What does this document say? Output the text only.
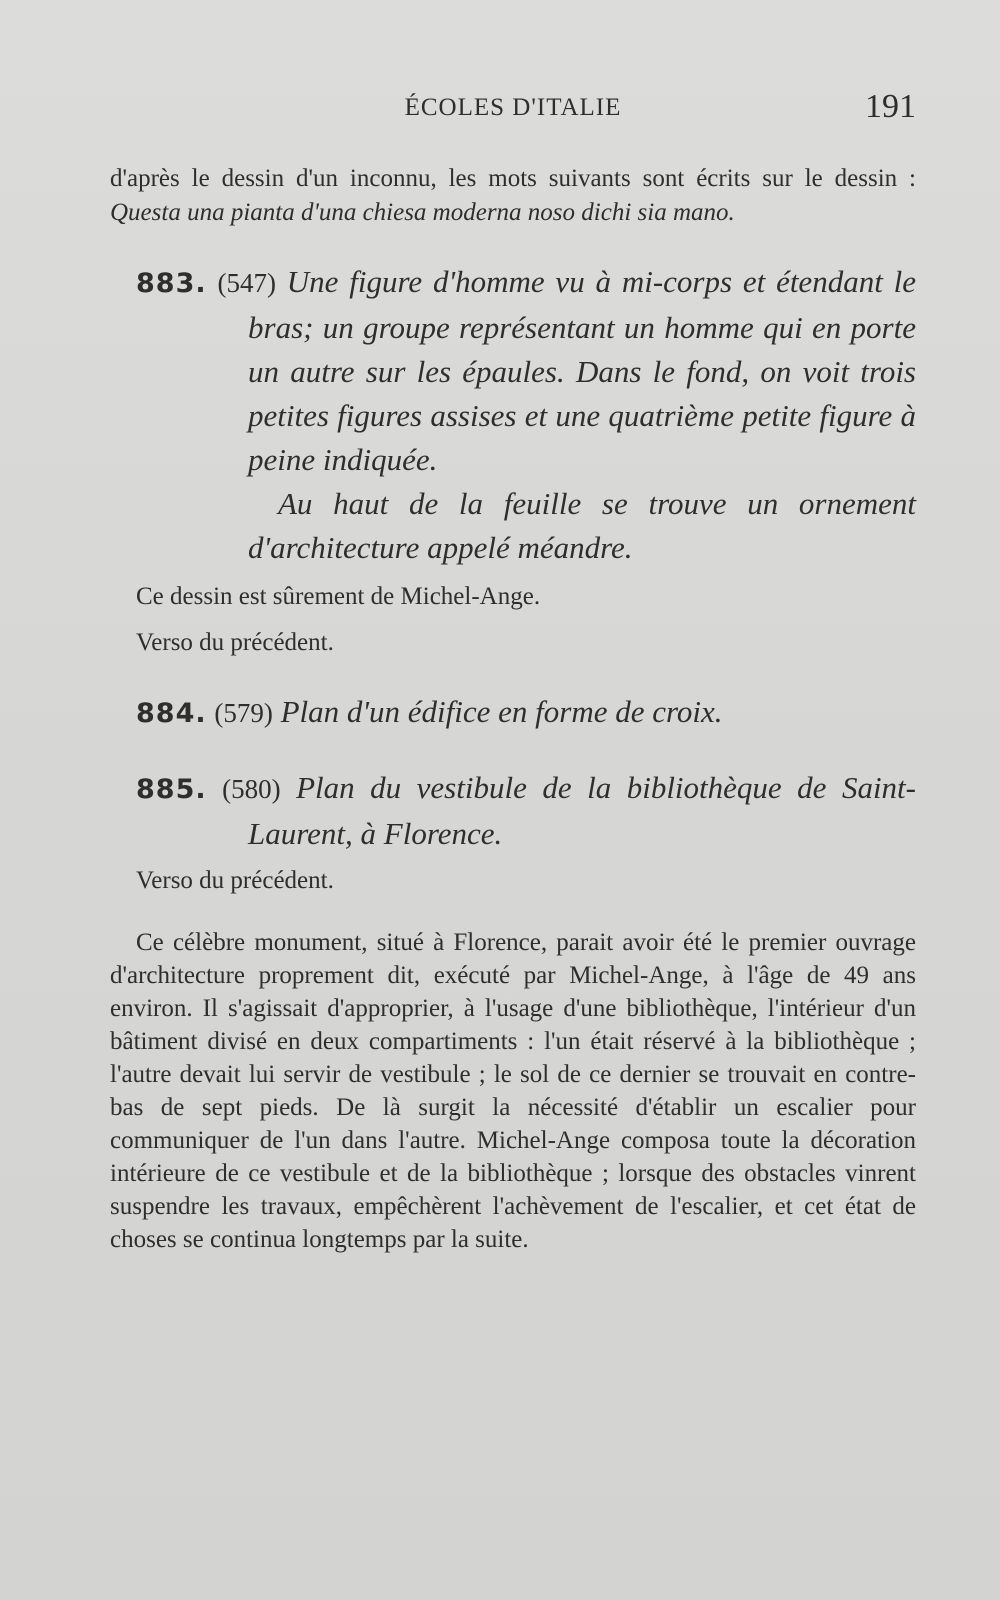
ÉCOLES D'ITALIE	191

d'après le dessin d'un inconnu, les mots suivants sont écrits sur le dessin : Questa una pianta d'una chiesa moderna noso dichi sia mano.

883. (547) Une figure d'homme vu à mi-corps et étendant le bras; un groupe représentant un homme qui en porte un autre sur les épaules. Dans le fond, on voit trois petites figures assises et une quatrième petite figure à peine indiquée.

Au haut de la feuille se trouve un ornement d'architecture appelé méandre.

Ce dessin est sûrement de Michel-Ange.

Verso du précédent.

884. (579) Plan d'un édifice en forme de croix.

885. (580) Plan du vestibule de la bibliothèque de Saint-Laurent, à Florence.

Verso du précédent.

Ce célèbre monument, situé à Florence, parait avoir été le premier ouvrage d'architecture proprement dit, exécuté par Michel-Ange, à l'âge de 49 ans environ. Il s'agissait d'approprier, à l'usage d'une bibliothèque, l'intérieur d'un bâtiment divisé en deux compartiments : l'un était réservé à la bibliothèque ; l'autre devait lui servir de vestibule ; le sol de ce dernier se trouvait en contre-bas de sept pieds. De là surgit la nécessité d'établir un escalier pour communiquer de l'un dans l'autre. Michel-Ange composa toute la décoration intérieure de ce vestibule et de la bibliothèque ; lorsque des obstacles vinrent suspendre les travaux, empêchèrent l'achèvement de l'escalier, et cet état de choses se continua longtemps par la suite.
